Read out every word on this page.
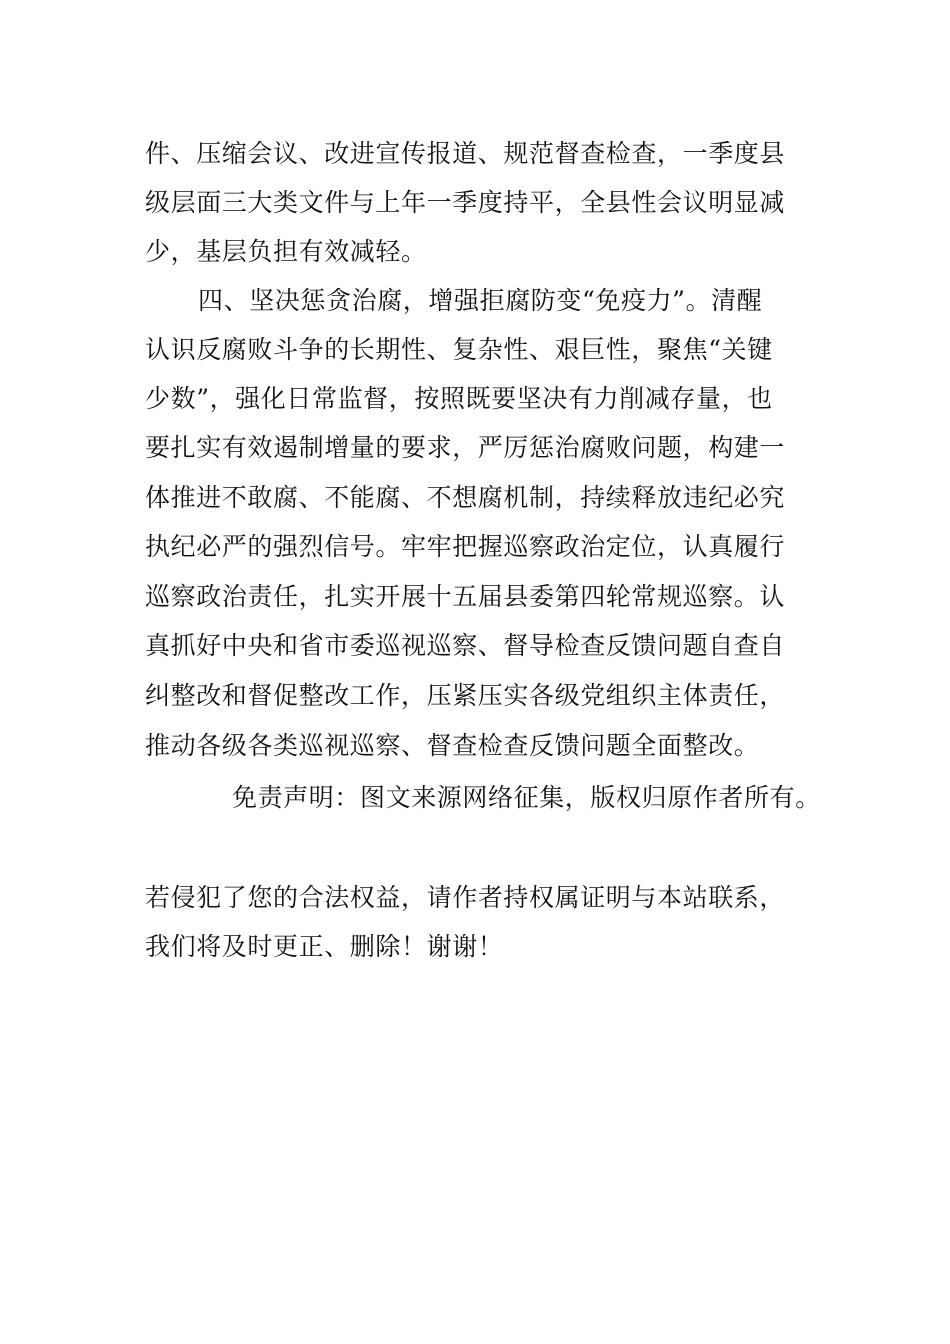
件、压缩会议、改进宣传报道、规范督查检查，一季度县
级层面三大类文件与上年一季度持平，全县性会议明显减
少，基层负担有效减轻。
四、坚决惩贪治腐，增强拒腐防变“免疫力”。清醒
认识反腐败斗争的长期性、复杂性、艰巨性，聚焦“关键
少数”，强化日常监督，按照既要坚决有力削减存量，也
要扎实有效遏制增量的要求，严厉惩治腐败问题，构建一
体推进不敢腐、不能腐、不想腐机制，持续释放违纪必究
执纪必严的强烈信号。牢牢把握巡察政治定位，认真履行
巡察政治责任，扎实开展十五届县委第四轮常规巡察。认
真抓好中央和省市委巡视巡察、督导检查反馈问题自查自
纠整改和督促整改工作，压紧压实各级党组织主体责任，
推动各级各类巡视巡察、督查检查反馈问题全面整改。
免责声明：图文来源网络征集，版权归原作者所有。
若侵犯了您的合法权益，请作者持权属证明与本站联系，
我们将及时更正、删除！谢谢！
